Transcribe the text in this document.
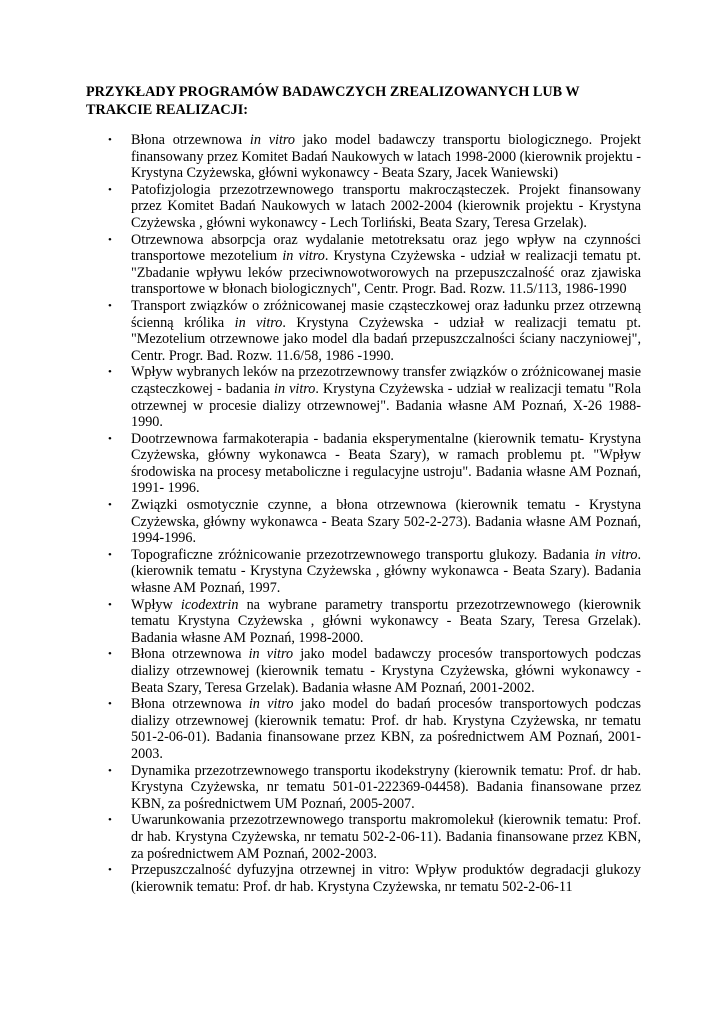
PRZYKŁADY PROGRAMÓW BADAWCZYCH ZREALIZOWANYCH LUB W TRAKCIE REALIZACJI:

• Błona otrzewnowa in vitro jako model badawczy transportu biologicznego. Projekt finansowany przez Komitet Badań Naukowych w latach 1998-2000 (kierownik projektu - Krystyna Czyżewska, główni wykonawcy - Beata Szary, Jacek Waniewski)
• Patofizjologia przezotrzewnowego transportu makrocząsteczek. Projekt finansowany przez Komitet Badań Naukowych w latach 2002-2004 (kierownik projektu - Krystyna Czyżewska , główni wykonawcy - Lech Torliński, Beata Szary, Teresa Grzelak).
• Otrzewnowa absorpcja oraz wydalanie metotreksatu oraz jego wpływ na czynności transportowe mezotelium in vitro. Krystyna Czyżewska - udział w realizacji tematu pt. "Zbadanie wpływu leków przeciwnowotworowych na przepuszczalność oraz zjawiska transportowe w błonach biologicznych", Centr. Progr. Bad. Rozw. 11.5/113, 1986-1990
• Transport związków o zróżnicowanej masie cząsteczkowej oraz ładunku przez otrzewną ścienną królika in vitro. Krystyna Czyżewska - udział w realizacji tematu pt. "Mezotelium otrzewnowe jako model dla badań przepuszczalności ściany naczyniowej", Centr. Progr. Bad. Rozw. 11.6/58, 1986 -1990.
• Wpływ wybranych leków na przezotrzewnowy transfer związków o zróżnicowanej masie cząsteczkowej - badania in vitro. Krystyna Czyżewska - udział w realizacji tematu "Rola otrzewnej w procesie dializy otrzewnowej". Badania własne AM Poznań, X-26 1988-1990.
• Dootrzewnowa farmakoterapia - badania eksperymentalne (kierownik tematu- Krystyna Czyżewska, główny wykonawca - Beata Szary), w ramach problemu pt. "Wpływ środowiska na procesy metaboliczne i regulacyjne ustroju". Badania własne AM Poznań, 1991- 1996.
• Związki osmotycznie czynne, a błona otrzewnowa (kierownik tematu - Krystyna Czyżewska, główny wykonawca - Beata Szary 502-2-273). Badania własne AM Poznań, 1994-1996.
• Topograficzne zróżnicowanie przezotrzewnowego transportu glukozy. Badania in vitro. (kierownik tematu - Krystyna Czyżewska , główny wykonawca - Beata Szary). Badania własne AM Poznań, 1997.
• Wpływ icodextrin na wybrane parametry transportu przezotrzewnowego (kierownik tematu Krystyna Czyżewska , główni wykonawcy - Beata Szary, Teresa Grzelak). Badania własne AM Poznań, 1998-2000.
• Błona otrzewnowa in vitro jako model badawczy procesów transportowych podczas dializy otrzewnowej (kierownik tematu - Krystyna Czyżewska, główni wykonawcy - Beata Szary, Teresa Grzelak). Badania własne AM Poznań, 2001-2002.
• Błona otrzewnowa in vitro jako model do badań procesów transportowych podczas dializy otrzewnowej (kierownik tematu: Prof. dr hab. Krystyna Czyżewska, nr tematu 501-2-06-01). Badania finansowane przez KBN, za pośrednictwem AM Poznań, 2001-2003.
• Dynamika przezotrzewnowego transportu ikodekstryny (kierownik tematu: Prof. dr hab. Krystyna Czyżewska, nr tematu 501-01-222369-04458). Badania finansowane przez KBN, za pośrednictwem UM Poznań, 2005-2007.
• Uwarunkowania przezotrzewnowego transportu makromolekuł (kierownik tematu: Prof. dr hab. Krystyna Czyżewska, nr tematu 502-2-06-11). Badania finansowane przez KBN, za pośrednictwem AM Poznań, 2002-2003.
• Przepuszczalność dyfuzyjna otrzewnej in vitro: Wpływ produktów degradacji glukozy (kierownik tematu: Prof. dr hab. Krystyna Czyżewska, nr tematu 502-2-06-11
